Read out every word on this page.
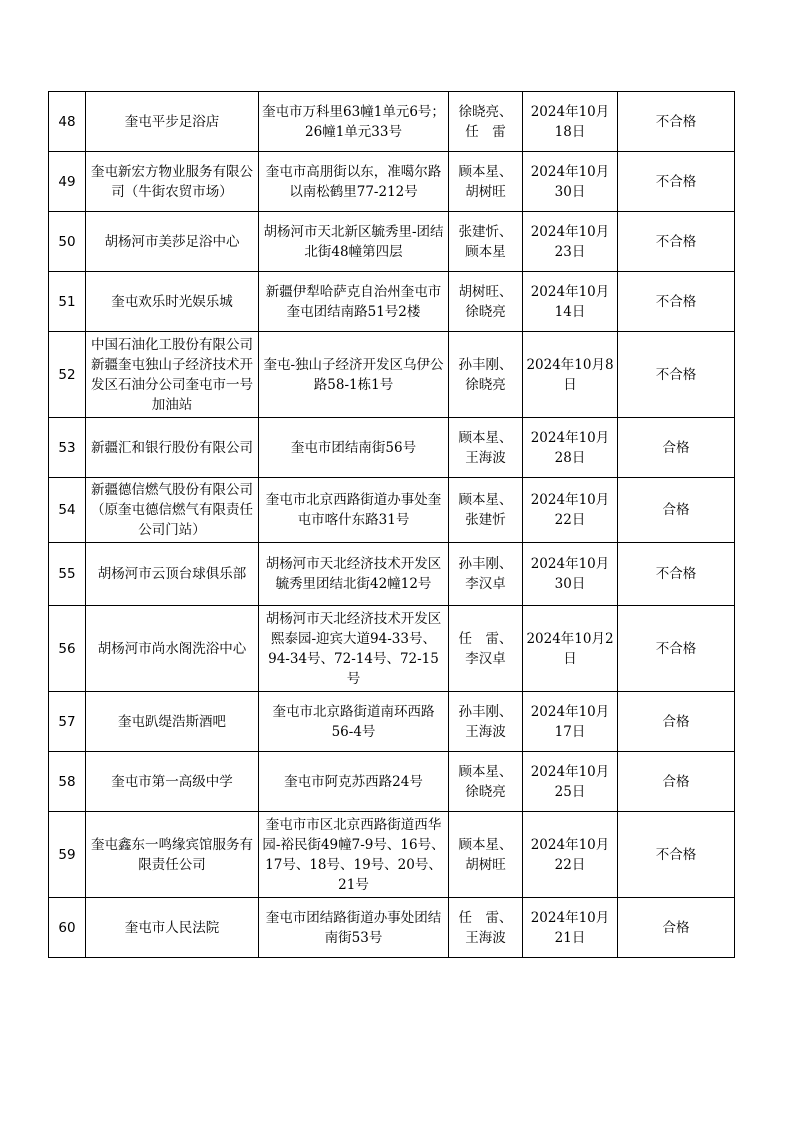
48	奎屯平步足浴店	奎屯市万科里63幢1单元6号；26幢1单元33号	徐晓亮、任　雷	2024年10月18日	不合格
49	奎屯新宏方物业服务有限公司（牛街农贸市场）	奎屯市高朋街以东，准噶尔路以南松鹤里77-212号	顾本星、胡树旺	2024年10月30日	不合格
50	胡杨河市美莎足浴中心	胡杨河市天北新区毓秀里-团结北街48幢第四层	张建忻、顾本星	2024年10月23日	不合格
51	奎屯欢乐时光娱乐城	新疆伊犁哈萨克自治州奎屯市奎屯团结南路51号2楼	胡树旺、徐晓亮	2024年10月14日	不合格
52	中国石油化工股份有限公司新疆奎屯独山子经济技术开发区石油分公司奎屯市一号加油站	奎屯-独山子经济开发区乌伊公路58-1栋1号	孙丰刚、徐晓亮	2024年10月8日	不合格
53	新疆汇和银行股份有限公司	奎屯市团结南街56号	顾本星、王海波	2024年10月28日	合格
54	新疆德信燃气股份有限公司（原奎屯德信燃气有限责任公司门站）	奎屯市北京西路街道办事处奎屯市喀什东路31号	顾本星、张建忻	2024年10月22日	合格
55	胡杨河市云顶台球俱乐部	胡杨河市天北经济技术开发区毓秀里团结北街42幢12号	孙丰刚、李汉卓	2024年10月30日	不合格
56	胡杨河市尚水阁洗浴中心	胡杨河市天北经济技术开发区熙泰园-迎宾大道94-33号、94-34号、72-14号、72-15号	任　雷、李汉卓	2024年10月2日	不合格
57	奎屯趴缇浩斯酒吧	奎屯市北京路街道南环西路56-4号	孙丰刚、王海波	2024年10月17日	合格
58	奎屯市第一高级中学	奎屯市阿克苏西路24号	顾本星、徐晓亮	2024年10月25日	合格
59	奎屯鑫东一鸣缘宾馆服务有限责任公司	奎屯市市区北京西路街道西华园-裕民街49幢7-9号、16号、17号、18号、19号、20号、21号	顾本星、胡树旺	2024年10月22日	不合格
60	奎屯市人民法院	奎屯市团结路街道办事处团结南街53号	任　雷、王海波	2024年10月21日	合格
